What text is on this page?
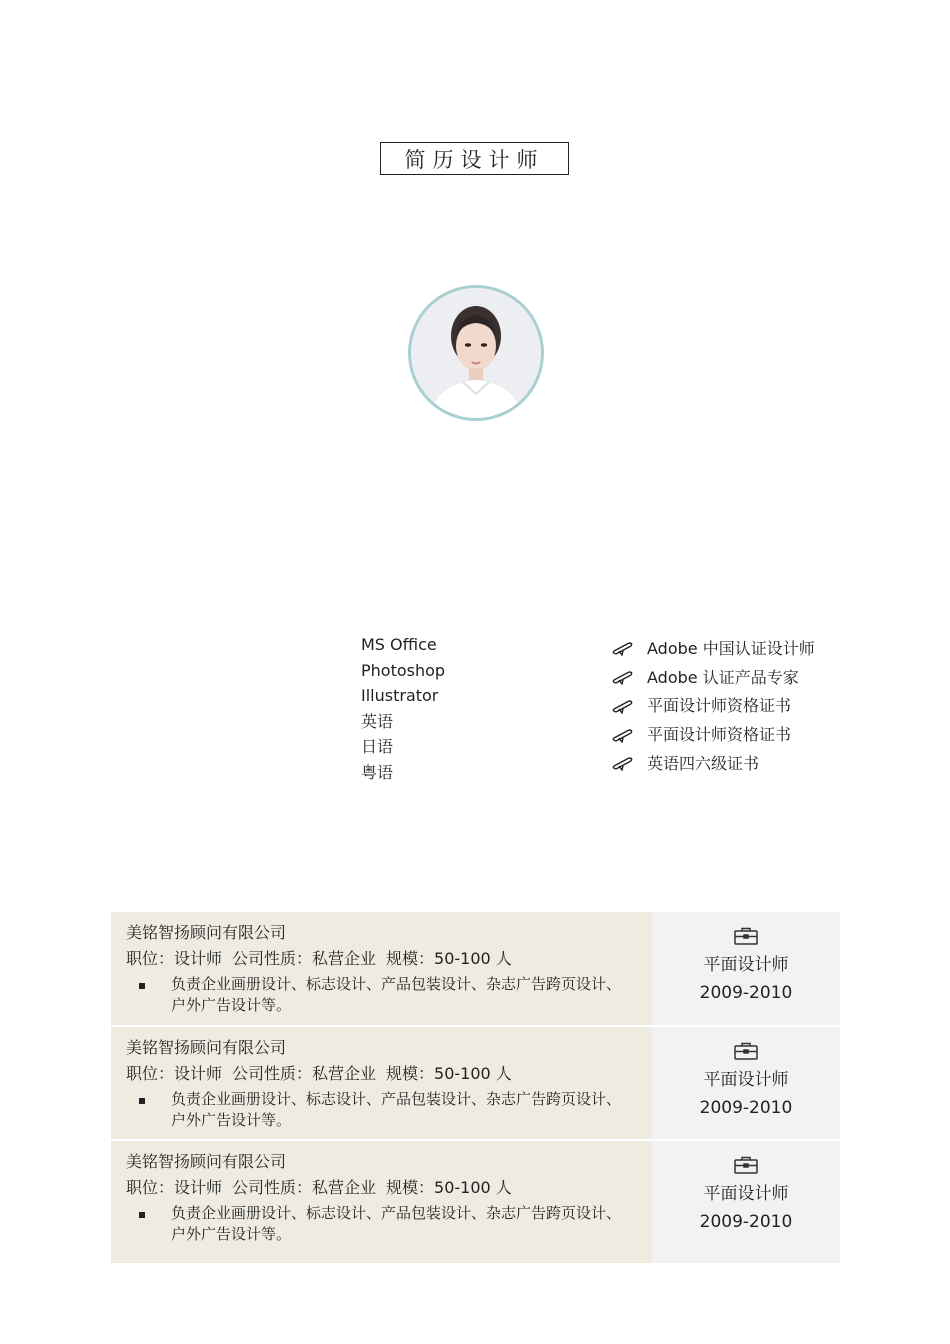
简历设计师
MS Office
Photoshop
Illustrator
英语
日语
粤语
Adobe 中国认证设计师
Adobe 认证产品专家
平面设计师资格证书
平面设计师资格证书
英语四六级证书
美铭智扬顾问有限公司
职位：设计师 公司性质：私营企业 规模：50-100 人
负责企业画册设计、标志设计、产品包装设计、杂志广告跨页设计、户外广告设计等。
平面设计师
2009-2010
美铭智扬顾问有限公司
职位：设计师 公司性质：私营企业 规模：50-100 人
负责企业画册设计、标志设计、产品包装设计、杂志广告跨页设计、户外广告设计等。
平面设计师
2009-2010
美铭智扬顾问有限公司
职位：设计师 公司性质：私营企业 规模：50-100 人
负责企业画册设计、标志设计、产品包装设计、杂志广告跨页设计、户外广告设计等。
平面设计师
2009-2010
